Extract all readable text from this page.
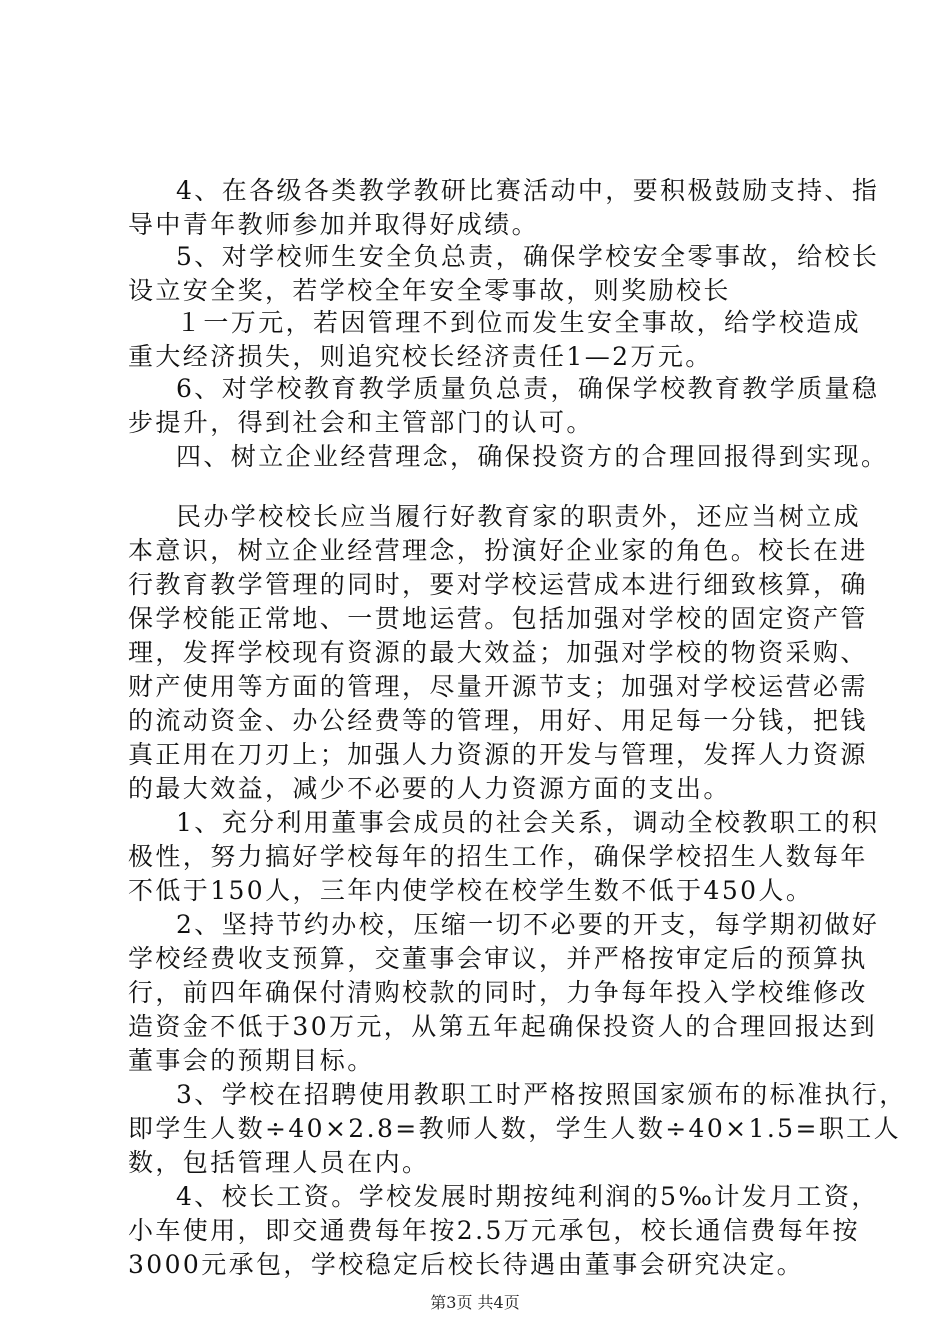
4、在各级各类教学教研比赛活动中，要积极鼓励支持、指
导中青年教师参加并取得好成绩。
5、对学校师生安全负总责，确保学校安全零事故，给校长
设立安全奖，若学校全年安全零事故，则奖励校长
１一万元，若因管理不到位而发生安全事故，给学校造成
重大经济损失，则追究校长经济责任1—2万元。
6、对学校教育教学质量负总责，确保学校教育教学质量稳
步提升，得到社会和主管部门的认可。
四、树立企业经营理念，确保投资方的合理回报得到实现。
民办学校校长应当履行好教育家的职责外，还应当树立成
本意识，树立企业经营理念，扮演好企业家的角色。校长在进
行教育教学管理的同时，要对学校运营成本进行细致核算，确
保学校能正常地、一贯地运营。包括加强对学校的固定资产管
理，发挥学校现有资源的最大效益；加强对学校的物资采购、
财产使用等方面的管理，尽量开源节支；加强对学校运营必需
的流动资金、办公经费等的管理，用好、用足每一分钱，把钱
真正用在刀刃上；加强人力资源的开发与管理，发挥人力资源
的最大效益，减少不必要的人力资源方面的支出。
1、充分利用董事会成员的社会关系，调动全校教职工的积
极性，努力搞好学校每年的招生工作，确保学校招生人数每年
不低于150人，三年内使学校在校学生数不低于450人。
2、坚持节约办校，压缩一切不必要的开支，每学期初做好
学校经费收支预算，交董事会审议，并严格按审定后的预算执
行，前四年确保付清购校款的同时，力争每年投入学校维修改
造资金不低于30万元，从第五年起确保投资人的合理回报达到
董事会的预期目标。
3、学校在招聘使用教职工时严格按照国家颁布的标准执行，
即学生人数÷40×2.8=教师人数，学生人数÷40×1.5=职工人
数，包括管理人员在内。
4、校长工资。学校发展时期按纯利润的5‰计发月工资，
小车使用，即交通费每年按2.5万元承包，校长通信费每年按
3000元承包，学校稳定后校长待遇由董事会研究决定。
第3页 共4页
